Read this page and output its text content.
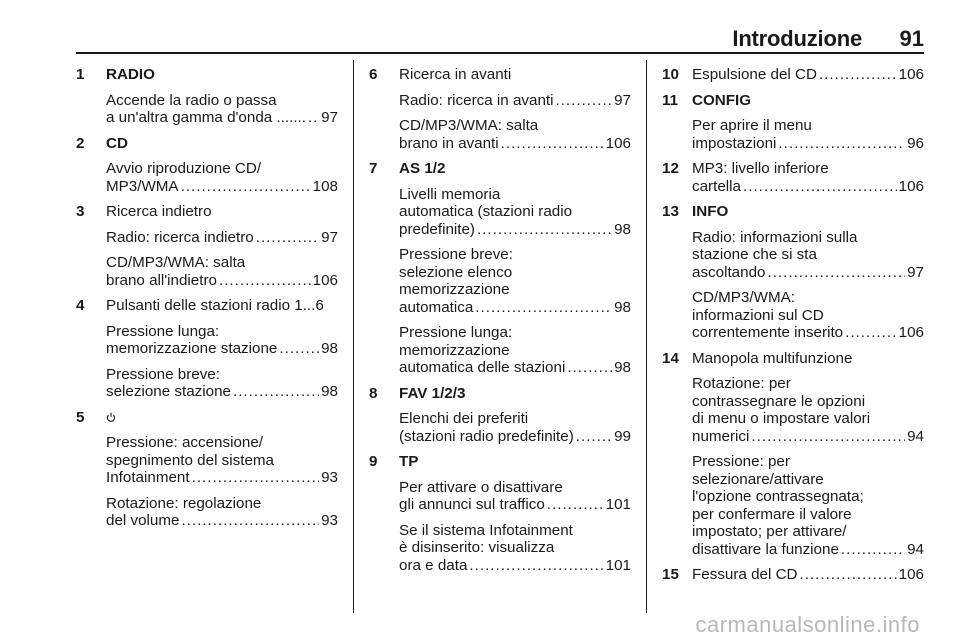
Introduzione 91
1 RADIO
Accende la radio o passa
a un'altra gamma d'onda ....... ..... 97
2 CD
Avvio riproduzione CD/
MP3/WMA .....	108
3 Ricerca indietro
Radio: ricerca indietro .....	97
CD/MP3/WMA: salta
brano all'indietro .....	106
4 Pulsanti delle stazioni radio 1...6
Pressione lunga:
memorizzazione stazione .....	98
Pressione breve:
selezione stazione .....	98
5
Pressione: accensione/
spegnimento del sistema
Infotainment .....	93
Rotazione: regolazione
del volume .....	93
6 Ricerca in avanti
Radio: ricerca in avanti .....	97
CD/MP3/WMA: salta
brano in avanti .....	106
7 AS 1/2
Livelli memoria
automatica (stazioni radio
predefinite) .....	98
Pressione breve:
selezione elenco
memorizzazione
automatica .....	98
Pressione lunga:
memorizzazione
automatica delle stazioni .....	98
8 FAV 1/2/3
Elenchi dei preferiti
(stazioni radio predefinite) .....	99
9 TP
Per attivare o disattivare
gli annunci sul traffico .....	101
Se il sistema Infotainment
è disinserito: visualizza
ora e data .....	101
10 Espulsione del CD .....	106
11 CONFIG
Per aprire il menu
impostazioni .....	96
12 MP3: livello inferiore
cartella .....	106
13 INFO
Radio: informazioni sulla
stazione che si sta
ascoltando .....	97
CD/MP3/WMA:
informazioni sul CD
correntemente inserito .....	106
14 Manopola multifunzione
Rotazione: per
contrassegnare le opzioni
di menu o impostare valori
numerici .....	94
Pressione: per
selezionare/attivare
l'opzione contrassegnata;
per confermare il valore
impostato; per attivare/
disattivare la funzione .....	94
15 Fessura del CD .....	106
carmanualsonline.info
